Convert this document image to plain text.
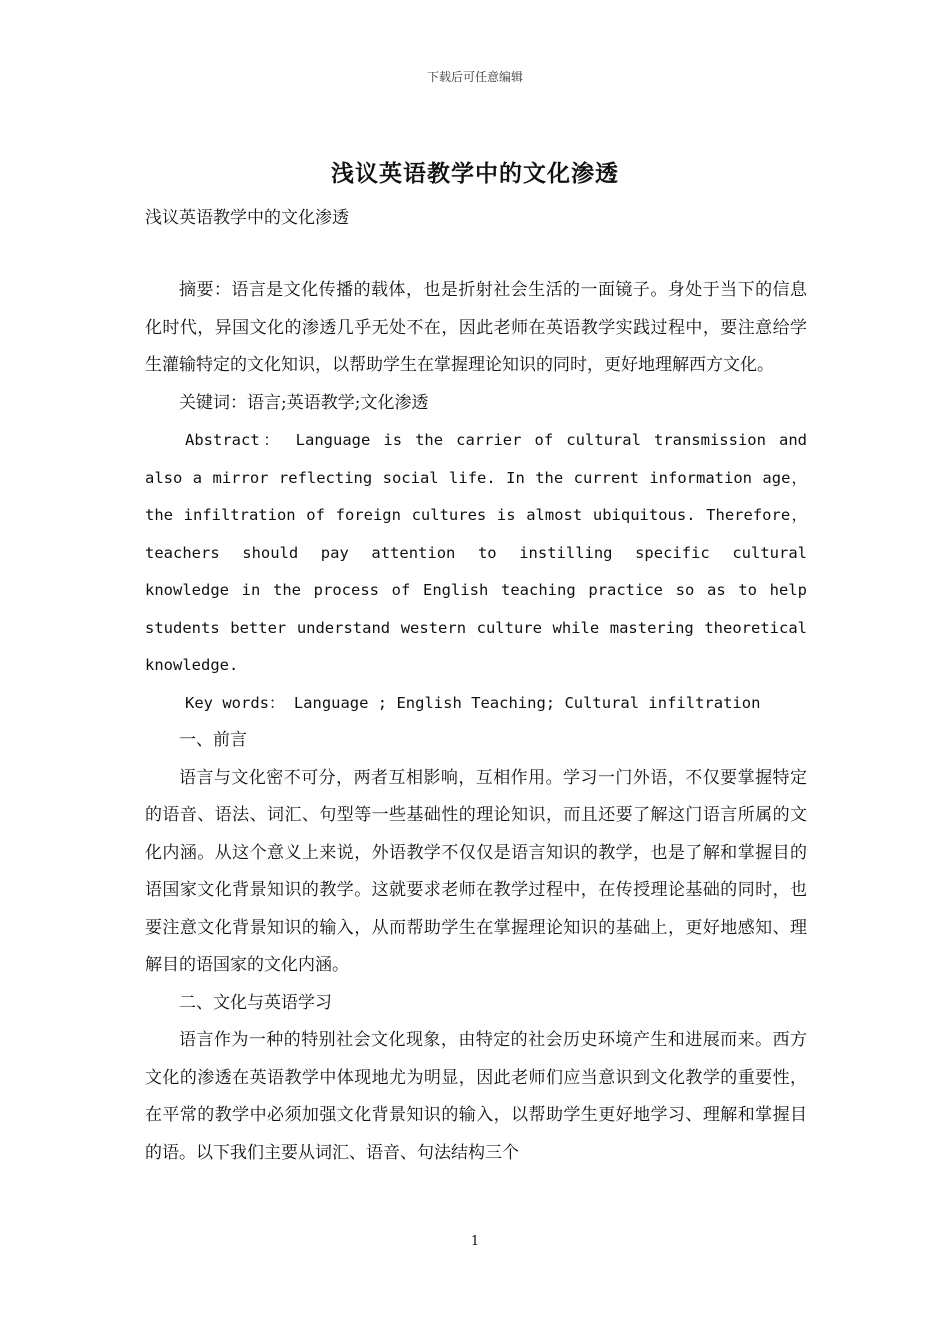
下载后可任意编辑
浅议英语教学中的文化渗透
浅议英语教学中的文化渗透

摘要：语言是文化传播的载体，也是折射社会生活的一面镜子。身处于当下的信息化时代，异国文化的渗透几乎无处不在，因此老师在英语教学实践过程中，要注意给学生灌输特定的文化知识，以帮助学生在掌握理论知识的同时，更好地理解西方文化。

关键词：语言;英语教学;文化渗透

Abstract： Language is the carrier of cultural transmission and also a mirror reflecting social life. In the current information age， the infiltration of foreign cultures is almost ubiquitous. Therefore， teachers should pay attention to instilling specific cultural knowledge in the process of English teaching practice so as to help students better understand western culture while mastering theoretical knowledge.

Key words： Language ; English Teaching; Cultural infiltration

一、前言

语言与文化密不可分，两者互相影响，互相作用。学习一门外语，不仅要掌握特定的语音、语法、词汇、句型等一些基础性的理论知识，而且还要了解这门语言所属的文化内涵。从这个意义上来说，外语教学不仅仅是语言知识的教学，也是了解和掌握目的语国家文化背景知识的教学。这就要求老师在教学过程中，在传授理论基础的同时，也要注意文化背景知识的输入，从而帮助学生在掌握理论知识的基础上，更好地感知、理解目的语国家的文化内涵。

二、文化与英语学习

语言作为一种的特别社会文化现象，由特定的社会历史环境产生和进展而来。西方文化的渗透在英语教学中体现地尤为明显，因此老师们应当意识到文化教学的重要性，在平常的教学中必须加强文化背景知识的输入，以帮助学生更好地学习、理解和掌握目的语。以下我们主要从词汇、语音、句法结构三个

1
